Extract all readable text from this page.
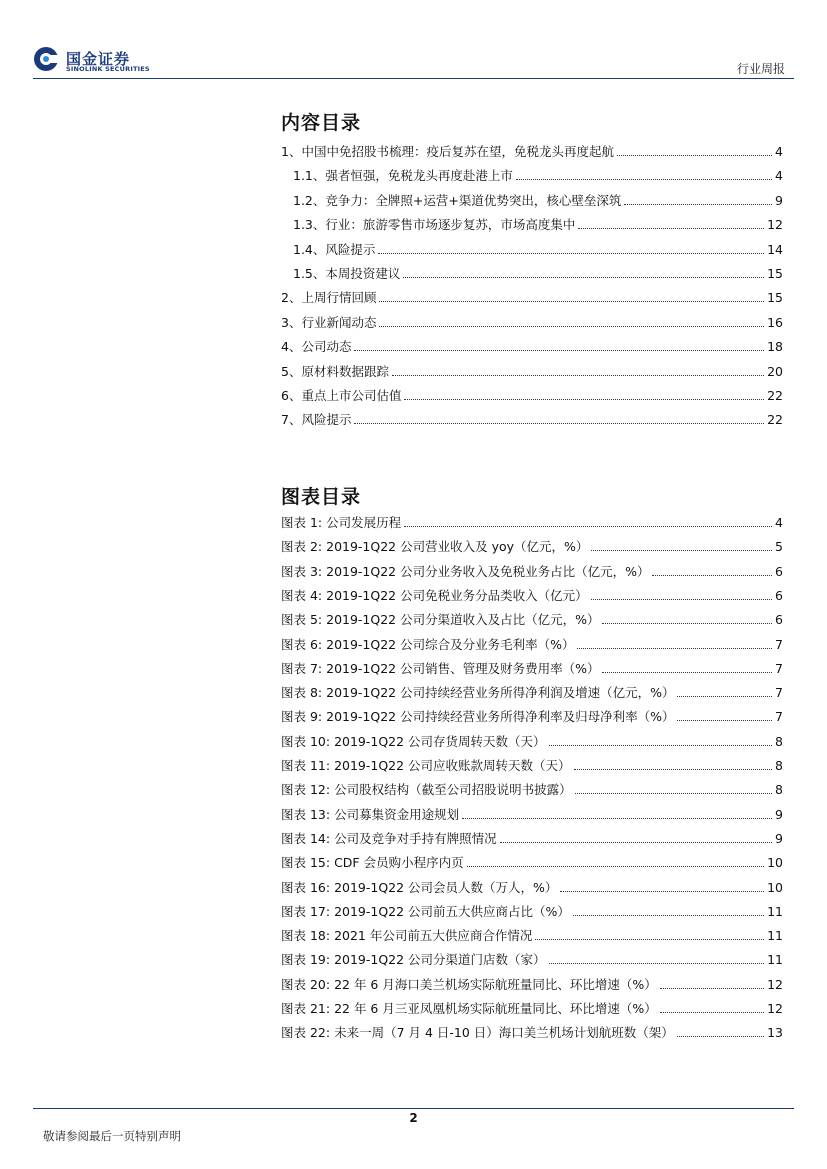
国金证券
SINOLINK SECURITIES	行业周报
内容目录
1、中国中免招股书梳理：疫后复苏在望，免税龙头再度起航	4
1.1、强者恒强，免税龙头再度赴港上市	4
1.2、竞争力：全牌照+运营+渠道优势突出，核心壁垒深筑	9
1.3、行业：旅游零售市场逐步复苏，市场高度集中	12
1.4、风险提示	14
1.5、本周投资建议	15
2、上周行情回顾	15
3、行业新闻动态	16
4、公司动态	18
5、原材料数据跟踪	20
6、重点上市公司估值	22
7、风险提示	22
图表目录
图表 1: 公司发展历程	4
图表 2: 2019-1Q22 公司营业收入及 yoy（亿元，%）	5
图表 3: 2019-1Q22 公司分业务收入及免税业务占比（亿元，%）	6
图表 4: 2019-1Q22 公司免税业务分品类收入（亿元）	6
图表 5: 2019-1Q22 公司分渠道收入及占比（亿元，%）	6
图表 6: 2019-1Q22 公司综合及分业务毛利率（%）	7
图表 7: 2019-1Q22 公司销售、管理及财务费用率（%）	7
图表 8: 2019-1Q22 公司持续经营业务所得净利润及增速（亿元，%）	7
图表 9: 2019-1Q22 公司持续经营业务所得净利率及归母净利率（%）	7
图表 10: 2019-1Q22 公司存货周转天数（天）	8
图表 11: 2019-1Q22 公司应收账款周转天数（天）	8
图表 12: 公司股权结构（截至公司招股说明书披露）	8
图表 13: 公司募集资金用途规划	9
图表 14: 公司及竞争对手持有牌照情况	9
图表 15: CDF 会员购小程序内页	10
图表 16: 2019-1Q22 公司会员人数（万人，%）	10
图表 17: 2019-1Q22 公司前五大供应商占比（%）	11
图表 18: 2021 年公司前五大供应商合作情况	11
图表 19: 2019-1Q22 公司分渠道门店数（家）	11
图表 20: 22 年 6 月海口美兰机场实际航班量同比、环比增速（%）	12
图表 21: 22 年 6 月三亚凤凰机场实际航班量同比、环比增速（%）	12
图表 22: 未来一周（7 月 4 日-10 日）海口美兰机场计划航班数（架）	13
2
敬请参阅最后一页特别声明
